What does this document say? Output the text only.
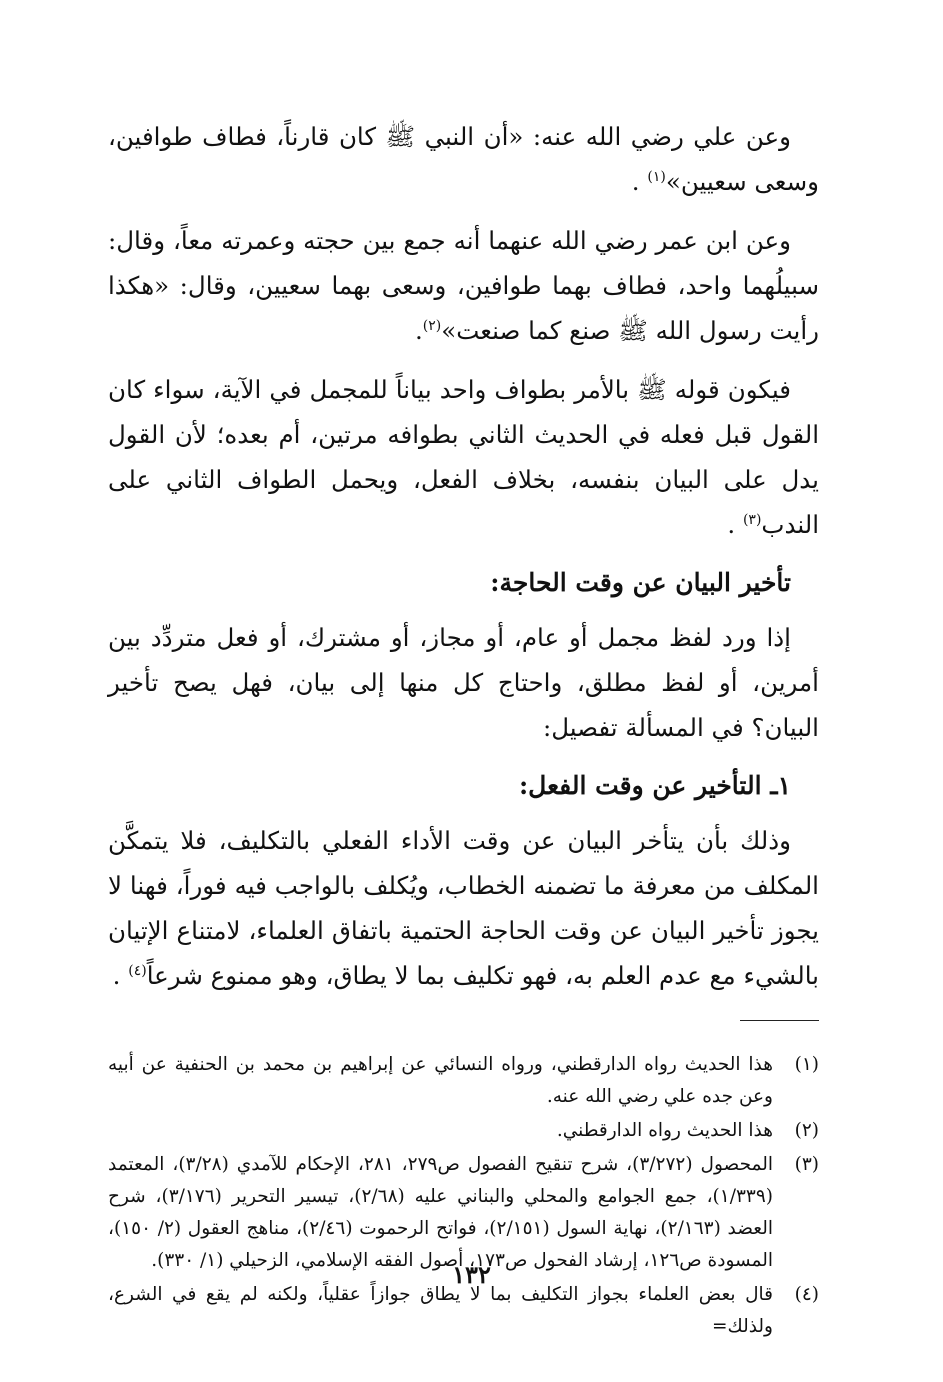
وعن علي رضي الله عنه: «أن النبي ﷺ كان قارناً، فطاف طوافين، وسعى سعيين»$^{(١)}$ .

وعن ابن عمر رضي الله عنهما أنه جمع بين حجته وعمرته معاً، وقال: سبيلُهما واحد، فطاف بهما طوافين، وسعى بهما سعيين، وقال: «هكذا رأيت رسول الله ﷺ صنع كما صنعت»$^{(٢)}$.

فيكون قوله ﷺ بالأمر بطواف واحد بياناً للمجمل في الآية، سواء كان القول قبل فعله في الحديث الثاني بطوافه مرتين، أم بعده؛ لأن القول يدل على البيان بنفسه، بخلاف الفعل، ويحمل الطواف الثاني على الندب$^{(٣)}$ .

تأخير البيان عن وقت الحاجة:

إذا ورد لفظ مجمل أو عام، أو مجاز، أو مشترك، أو فعل متردِّد بين أمرين، أو لفظ مطلق، واحتاج كل منها إلى بيان، فهل يصح تأخير البيان؟ في المسألة تفصيل:

١ـ التأخير عن وقت الفعل:

وذلك بأن يتأخر البيان عن وقت الأداء الفعلي بالتكليف، فلا يتمكَّن المكلف من معرفة ما تضمنه الخطاب، ويُكلف بالواجب فيه فوراً، فهنا لا يجوز تأخير البيان عن وقت الحاجة الحتمية باتفاق العلماء، لامتناع الإتيان بالشيء مع عدم العلم به، فهو تكليف بما لا يطاق، وهو ممنوع شرعاً$^{(٤)}$ .

(١)
هذا الحديث رواه الدارقطني، ورواه النسائي عن إبراهيم بن محمد بن الحنفية عن أبيه وعن جده علي رضي الله عنه.
(٢)
هذا الحديث رواه الدارقطني.
(٣)
المحصول (٣/٢٧٢)، شرح تنقيح الفصول ص٢٧٩، ٢٨١، الإحكام للآمدي (٣/٢٨)، المعتمد (١/٣٣٩)، جمع الجوامع والمحلي والبناني عليه (٢/٦٨)، تيسير التحرير (٣/١٧٦)، شرح العضد (٢/١٦٣)، نهاية السول (٢/١٥١)، فواتح الرحموت (٢/٤٦)، مناهج العقول (٢/ ١٥٠)، المسودة ص١٢٦، إرشاد الفحول ص١٧٣، أصول الفقه الإسلامي، الزحيلي (١/ ٣٣٠).
(٤)
قال بعض العلماء بجواز التكليف بما لا يطاق جوازاً عقلياً، ولكنه لم يقع في الشرع، ولذلك=
١٣٢
